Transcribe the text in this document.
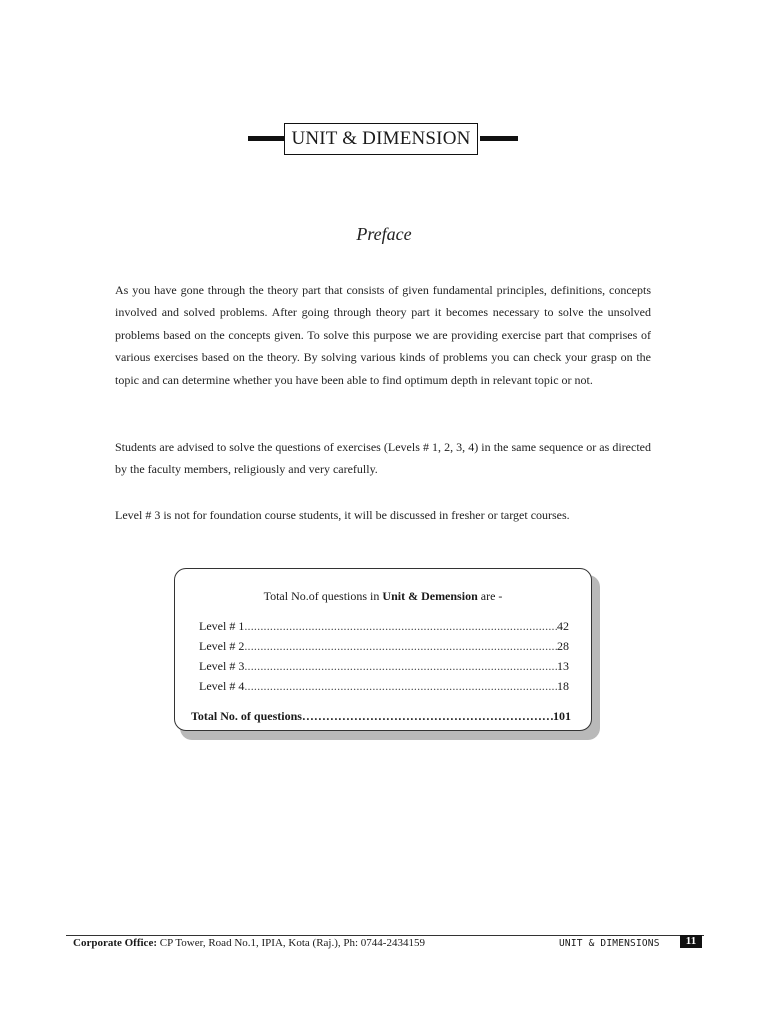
UNIT & DIMENSION
Preface

As you have gone through the theory part that consists of given fundamental principles, definitions, concepts involved and solved problems. After going through theory part it becomes necessary to solve the unsolved problems based on the concepts given. To solve this purpose we are providing exercise part that comprises of various exercises based on the theory. By solving various kinds of problems you can check your grasp on the topic and can determine whether you have been able to find optimum depth in relevant topic or not.

Students are advised to solve the questions of exercises (Levels # 1, 2, 3, 4) in the same sequence or as directed by the faculty members, religiously and very carefully.

Level # 3 is not for foundation course students, it will be discussed in fresher or target courses.

Total No.of questions in Unit & Demension are -
Level # 1 .....	42
Level # 2 .....	28
Level # 3 .....	13
Level # 4 .....	18
Total No. of questions ……………………………………………………………………………………………………	101
Corporate Office: CP Tower, Road No.1, IPIA, Kota (Raj.), Ph: 0744-2434159	UNIT & DIMENSIONS	11
